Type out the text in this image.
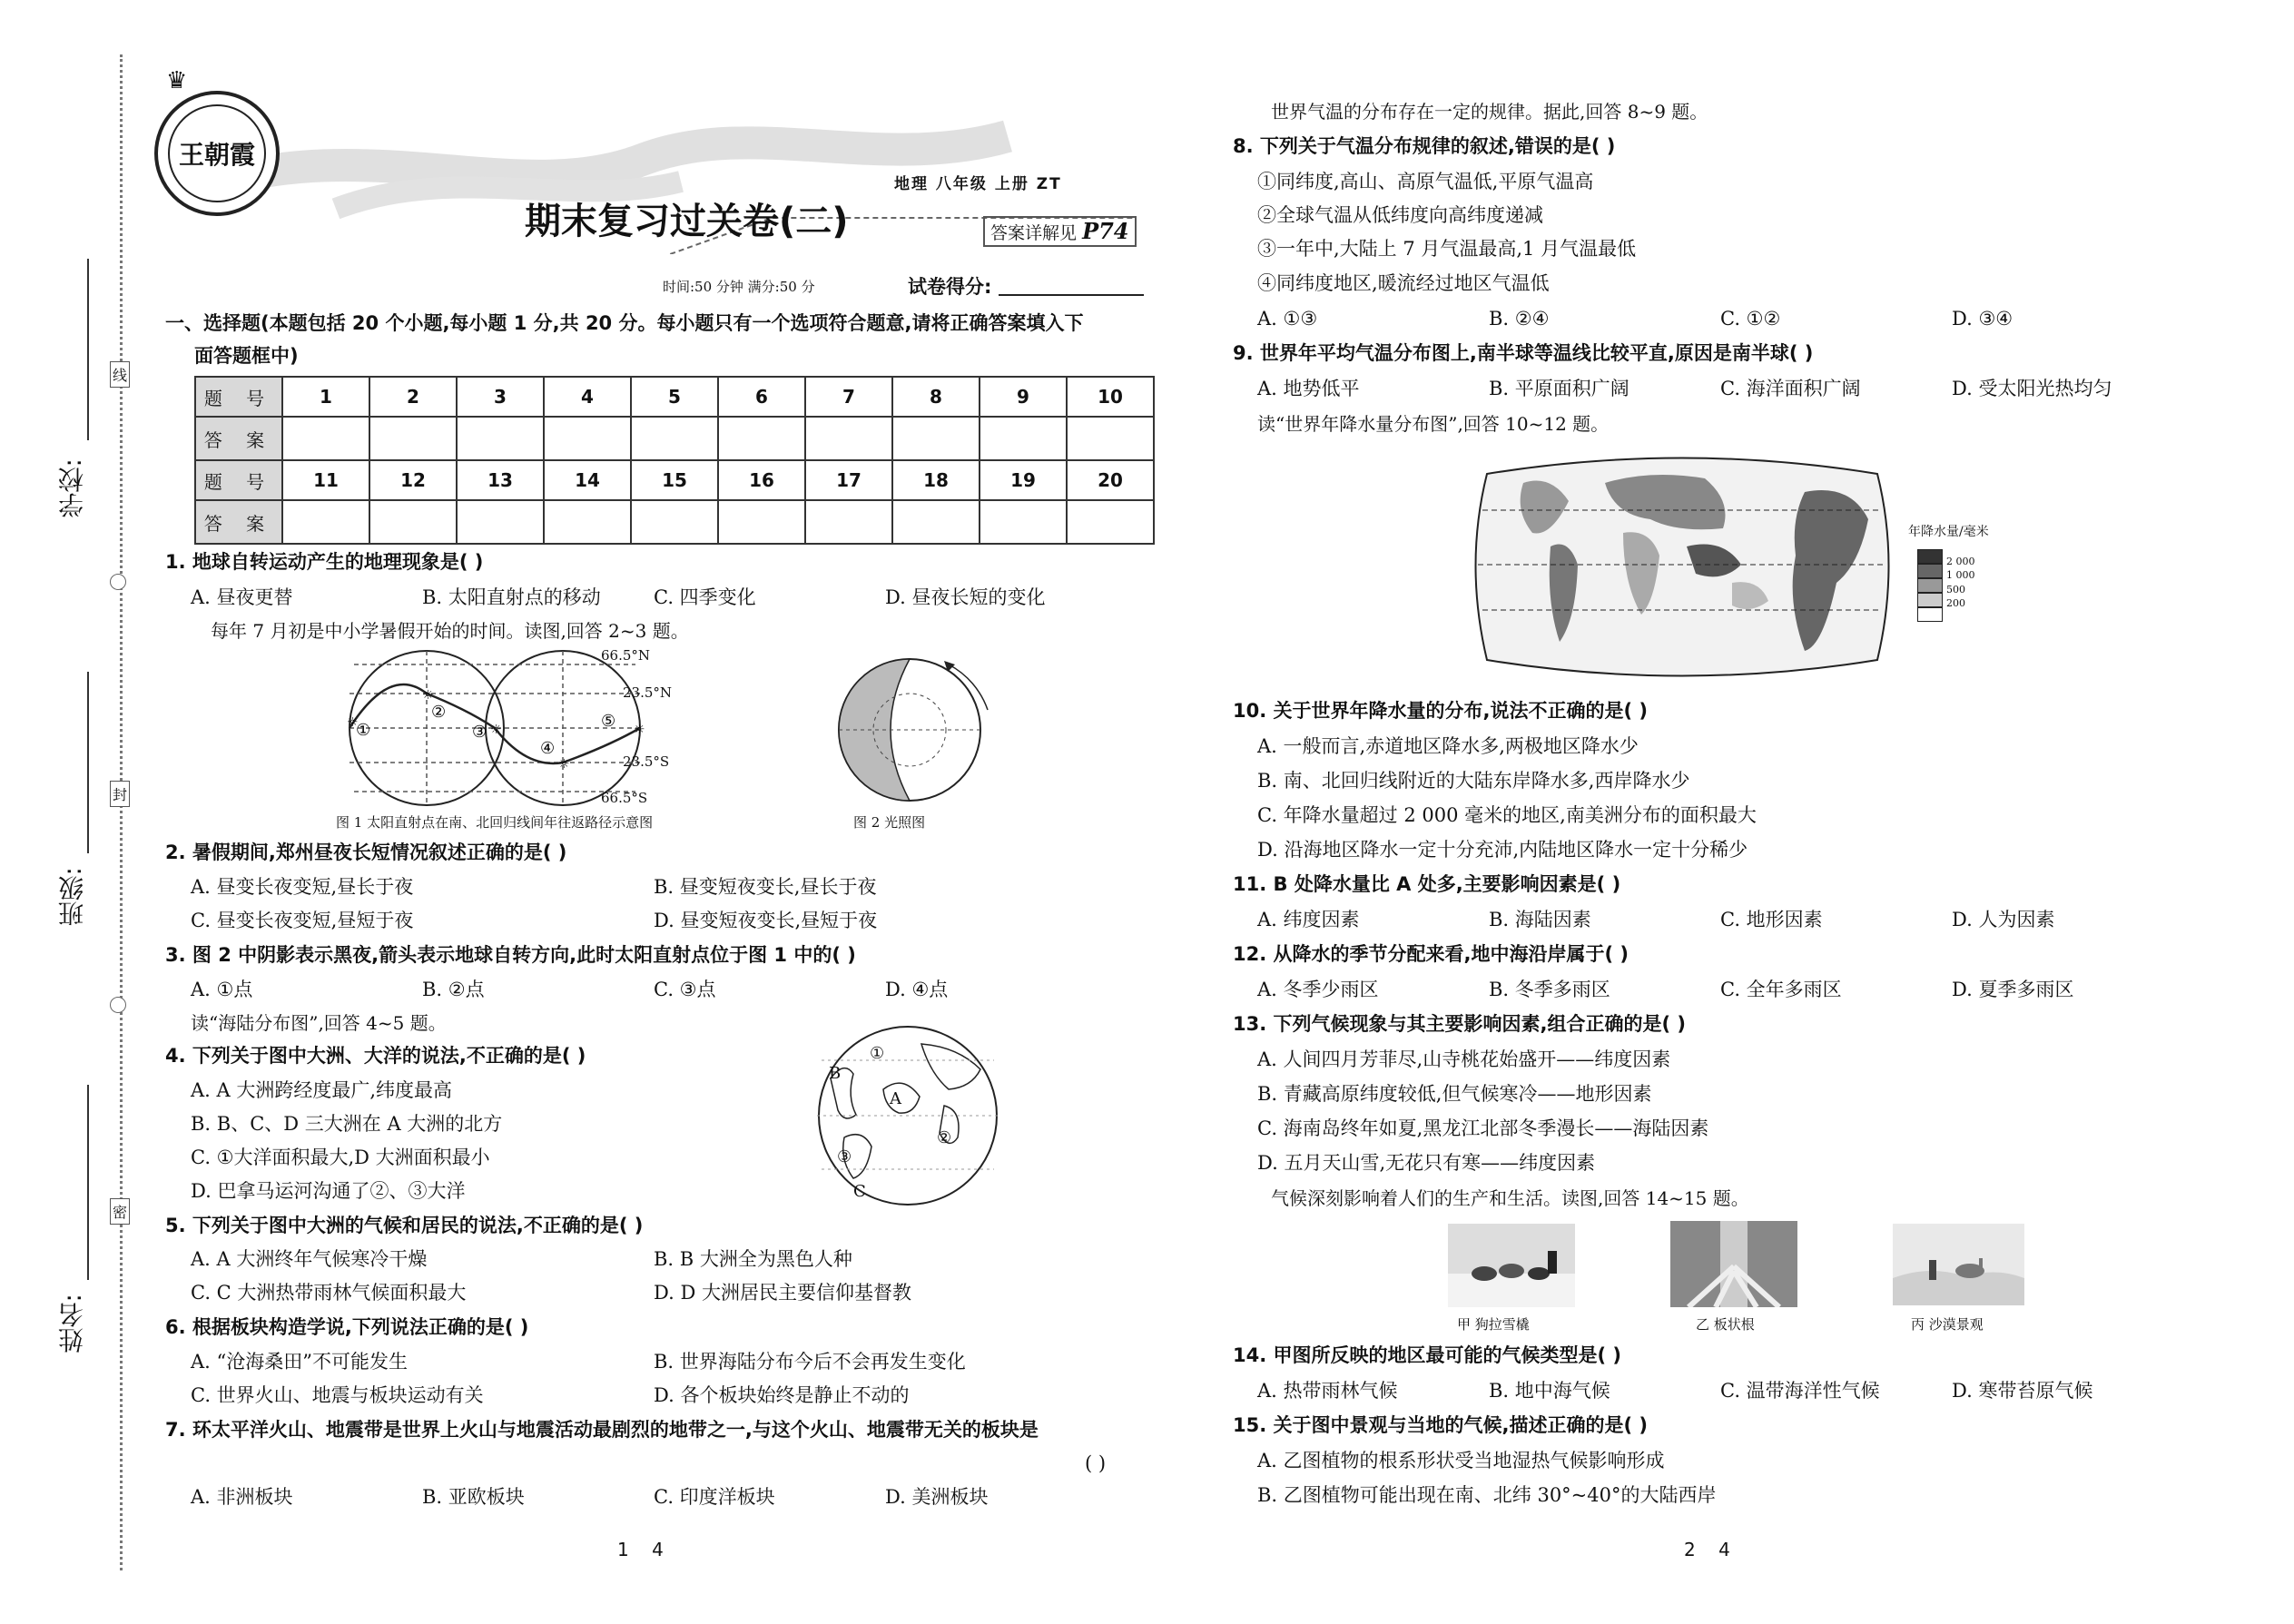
学校:
班级:
姓名:
线
封
密
王朝霞
♛
地理 八年级 上册 ZT
期末复习过关卷(二)	答案详解见 P74
时间:50 分钟 满分:50 分	试卷得分:
一、选择题(本题包括 20 个小题,每小题 1 分,共 20 分。每小题只有一个选项符合题意,请将正确答案填入下
面答题框中)
题 号	1	2	3	4	5	6	7	8	9	10
答 案										
题 号	11	12	13	14	15	16	17	18	19	20
答 案										
1. 地球自转运动产生的地理现象是( )
A. 昼夜更替	B. 太阳直射点的移动	C. 四季变化	D. 昼夜长短的变化
每年 7 月初是中小学暑假开始的时间。读图,回答 2~3 题。
①
②
③
④
⑤
☼
☼
☼
☼
☼
66.5°N
23.5°N
23.5°S
66.5°S
图 1 太阳直射点在南、北回归线间年往返路径示意图	图 2 光照图
2. 暑假期间,郑州昼夜长短情况叙述正确的是( )
A. 昼变长夜变短,昼长于夜	B. 昼变短夜变长,昼长于夜
C. 昼变长夜变短,昼短于夜	D. 昼变短夜变长,昼短于夜
3. 图 2 中阴影表示黑夜,箭头表示地球自转方向,此时太阳直射点位于图 1 中的( )
A. ①点	B. ②点	C. ③点	D. ④点
读“海陆分布图”,回答 4~5 题。
①
B
A
③
②
C
4. 下列关于图中大洲、大洋的说法,不正确的是( )
A. A 大洲跨经度最广,纬度最高
B. B、C、D 三大洲在 A 大洲的北方
C. ①大洋面积最大,D 大洲面积最小
D. 巴拿马运河沟通了②、③大洋
5. 下列关于图中大洲的气候和居民的说法,不正确的是( )
A. A 大洲终年气候寒冷干燥	B. B 大洲全为黑色人种
C. C 大洲热带雨林气候面积最大	D. D 大洲居民主要信仰基督教
6. 根据板块构造学说,下列说法正确的是( )
A. “沧海桑田”不可能发生	B. 世界海陆分布今后不会再发生变化
C. 世界火山、地震与板块运动有关	D. 各个板块始终是静止不动的
7. 环太平洋火山、地震带是世界上火山与地震活动最剧烈的地带之一,与这个火山、地震带无关的板块是
( )
A. 非洲板块	B. 亚欧板块	C. 印度洋板块	D. 美洲板块
1    4
世界气温的分布存在一定的规律。据此,回答 8~9 题。
8. 下列关于气温分布规律的叙述,错误的是( )
①同纬度,高山、高原气温低,平原气温高
②全球气温从低纬度向高纬度递减
③一年中,大陆上 7 月气温最高,1 月气温最低
④同纬度地区,暖流经过地区气温低
A. ①③	B. ②④	C. ①②	D. ③④
9. 世界年平均气温分布图上,南半球等温线比较平直,原因是南半球( )
A. 地势低平	B. 平原面积广阔	C. 海洋面积广阔	D. 受太阳光热均匀
读“世界年降水量分布图”,回答 10~12 题。
年降水量/毫米
2 000
1 000
500
200
10. 关于世界年降水量的分布,说法不正确的是( )
A. 一般而言,赤道地区降水多,两极地区降水少
B. 南、北回归线附近的大陆东岸降水多,西岸降水少
C. 年降水量超过 2 000 毫米的地区,南美洲分布的面积最大
D. 沿海地区降水一定十分充沛,内陆地区降水一定十分稀少
11. B 处降水量比 A 处多,主要影响因素是( )
A. 纬度因素	B. 海陆因素	C. 地形因素	D. 人为因素
12. 从降水的季节分配来看,地中海沿岸属于( )
A. 冬季少雨区	B. 冬季多雨区	C. 全年多雨区	D. 夏季多雨区
13. 下列气候现象与其主要影响因素,组合正确的是( )
A. 人间四月芳菲尽,山寺桃花始盛开——纬度因素
B. 青藏高原纬度较低,但气候寒冷——地形因素
C. 海南岛终年如夏,黑龙江北部冬季漫长——海陆因素
D. 五月天山雪,无花只有寒——纬度因素
气候深刻影响着人们的生产和生活。读图,回答 14~15 题。
甲 狗拉雪橇	乙 板状根	丙 沙漠景观
14. 甲图所反映的地区最可能的气候类型是( )
A. 热带雨林气候	B. 地中海气候	C. 温带海洋性气候	D. 寒带苔原气候
15. 关于图中景观与当地的气候,描述正确的是( )
A. 乙图植物的根系形状受当地湿热气候影响形成
B. 乙图植物可能出现在南、北纬 30°~40°的大陆西岸
2    4
